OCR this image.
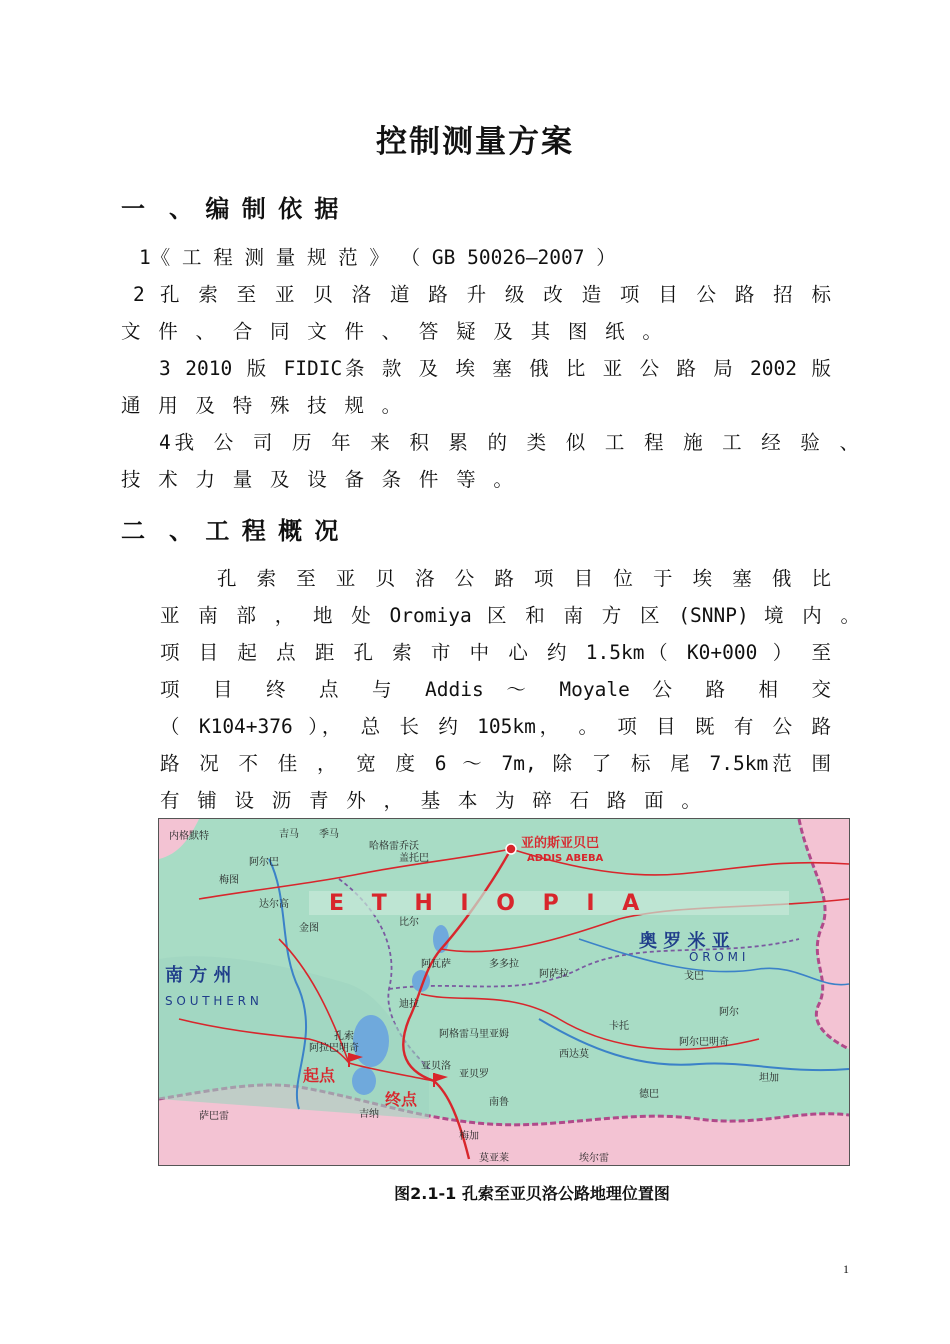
控制测量方案
一　、 编 制 依 据
1《 工 程 测 量 规 范 》 （ GB 50026—2007 ）
2 孔 索 至 亚 贝 洛 道 路 升 级 改 造 项 目 公 路 招 标
文 件 、 合 同 文 件 、 答 疑 及 其 图 纸 。
3 2010 版 FIDIC条 款 及 埃 塞 俄 比 亚 公 路 局 2002 版
通 用 及 特 殊 技 规 。
4我 公 司 历 年 来 积 累 的 类 似 工 程 施 工 经 验 、
技 术 力 量 及 设 备 条 件 等 。
二　、 工 程 概 况
孔 索 至 亚 贝 洛 公 路 项 目 位 于 埃 塞 俄 比
亚 南 部 ， 地 处 Oromiya 区 和 南 方 区 (SNNP) 境 内 。
项 目 起 点 距 孔 索 市 中 心 约 1.5km（ K0+000 ） 至
项 目 终 点 与 Addis ～ Moyale 公 路 相 交
（ K104+376 ）， 总 长 约 105km， 。 项 目 既 有 公 路
路 况 不 佳 ， 宽 度 6 ～ 7m, 除 了 标 尾 7.5km范 围
有 铺 设 沥 青 外 ， 基 本 为 碎 石 路 面 。
E T H I O P I A
亚的斯亚贝巴
ADDIS ABEBA
南 方 州
S O U T H E R N
奥 罗 米 亚
O R O M I
内格默特	吉马 季马
哈格雷乔沃
盖托巴
阿尔巴
梅图
达尔高
比尔
金图
阿瓦萨	多多拉
阿萨拉	戈巴
迪拉
阿格雷马里亚姆
孔索
亚贝洛
亚贝罗
南鲁
梅加
莫亚莱	埃尔雷
吉纳
萨巴雷
阿拉巴明奇
卡托
阿尔
西达莫
坦加
德巴
阿尔巴明奇
起点
终点
图2.1-1 孔索至亚贝洛公路地理位置图
1
